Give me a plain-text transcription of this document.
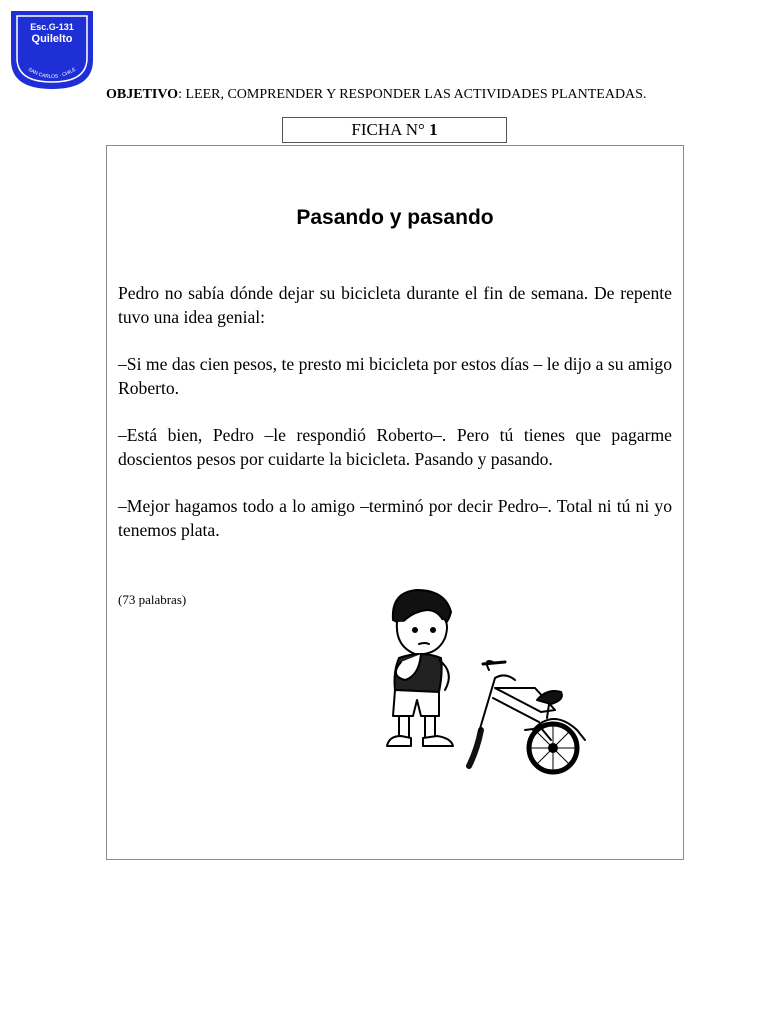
Esc.G-131
Quilelto
SAN CARLOS · CHILE
OBJETIVO: LEER, COMPRENDER Y RESPONDER LAS ACTIVIDADES PLANTEADAS.
FICHA N° 1
Pasando y pasando

Pedro no sabía dónde dejar su bicicleta durante el fin de semana. De repente tuvo una idea genial:

–Si me das cien pesos, te presto mi bicicleta por estos días – le dijo a su amigo Roberto.

–Está bien, Pedro –le respondió Roberto–. Pero tú tienes que pagarme doscientos pesos por cuidarte la bicicleta. Pasando y pasando.

–Mejor hagamos todo a lo amigo –terminó por decir Pedro–. Total ni tú ni yo tenemos plata.

(73 palabras)
